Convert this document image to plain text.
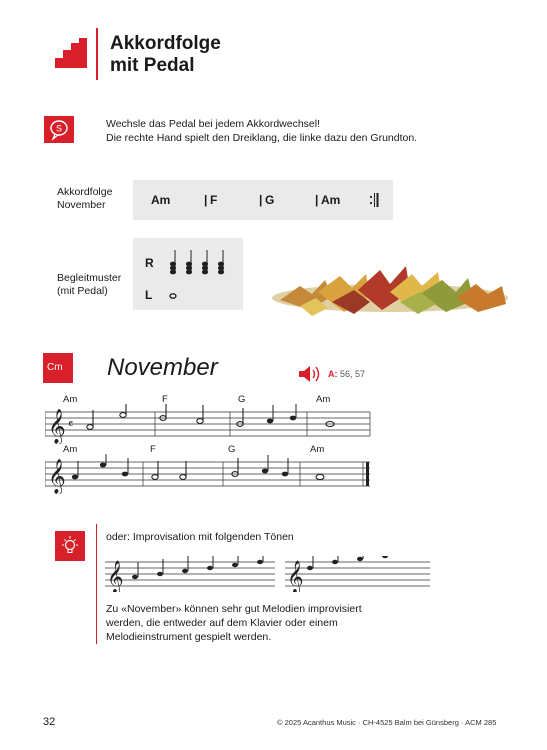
Akkordfolge
mit Pedal
S	Wechsle das Pedal bei jedem Akkordwechsel!
Die rechte Hand spielt den Dreiklang, die linke dazu den Grundton.
Akkordfolge
November	Am	| F	| G	| Am
Begleitmuster
(mit Pedal)
R
L
Cm November	A: 56, 57
Am	F	G	Am
𝄞 𝄴
Am	F	G	Am
𝄞
oder: Improvisation mit folgenden Tönen
𝄞	𝄞
Zu «November» können sehr gut Melodien improvisiert
werden, die entweder auf dem Klavier oder einem
Melodieinstrument gespielt werden.
32	© 2025 Acanthus Music · CH-4525 Balm bei Günsberg · ACM 285
